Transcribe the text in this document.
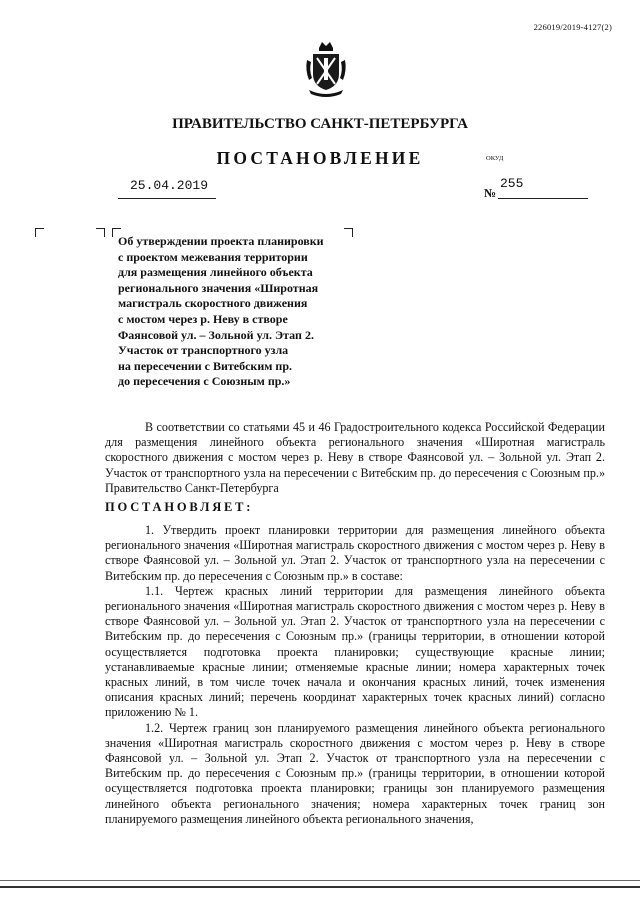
226019/2019-4127(2)
ПРАВИТЕЛЬСТВО САНКТ-ПЕТЕРБУРГА
ПОСТАНОВЛЕНИЕ	ОКУД
25.04.2019	№
255
Об утверждении проекта планировки
с проектом межевания территории
для размещения линейного объекта
регионального значения «Широтная
магистраль скоростного движения
с мостом через р. Неву в створе
Фаянсовой ул. – Зольной ул. Этап 2.
Участок от транспортного узла
на пересечении с Витебским пр.
до пересечения с Союзным пр.»

В соответствии со статьями 45 и 46 Градостроительного кодекса Российской Федерации для размещения линейного объекта регионального значения «Широтная магистраль скоростного движения с мостом через р. Неву в створе Фаянсовой ул. – Зольной ул. Этап 2. Участок от транспортного узла на пересечении с Витебским пр. до пересечения с Союзным пр.» Правительство Санкт-Петербурга

ПОСТАНОВЛЯЕТ:

1. Утвердить проект планировки территории для размещения линейного объекта регионального значения «Широтная магистраль скоростного движения с мостом через р. Неву в створе Фаянсовой ул. – Зольной ул. Этап 2. Участок от транспортного узла на пересечении с Витебским пр. до пересечения с Союзным пр.» в составе:

1.1. Чертеж красных линий территории для размещения линейного объекта регионального значения «Широтная магистраль скоростного движения с мостом через р. Неву в створе Фаянсовой ул. – Зольной ул. Этап 2. Участок от транспортного узла на пересечении с Витебским пр. до пересечения с Союзным пр.» (границы территории, в отношении которой осуществляется подготовка проекта планировки; существующие красные линии; устанавливаемые красные линии; отменяемые красные линии; номера характерных точек красных линий, в том числе точек начала и окончания красных линий, точек изменения описания красных линий; перечень координат характерных точек красных линий) согласно приложению № 1.

1.2. Чертеж границ зон планируемого размещения линейного объекта регионального значения «Широтная магистраль скоростного движения с мостом через р. Неву в створе Фаянсовой ул. – Зольной ул. Этап 2. Участок от транспортного узла на пересечении с Витебским пр. до пересечения с Союзным пр.» (границы территории, в отношении которой осуществляется подготовка проекта планировки; границы зон планируемого размещения линейного объекта регионального значения; номера характерных точек границ зон планируемого размещения линейного объекта регионального значения,
